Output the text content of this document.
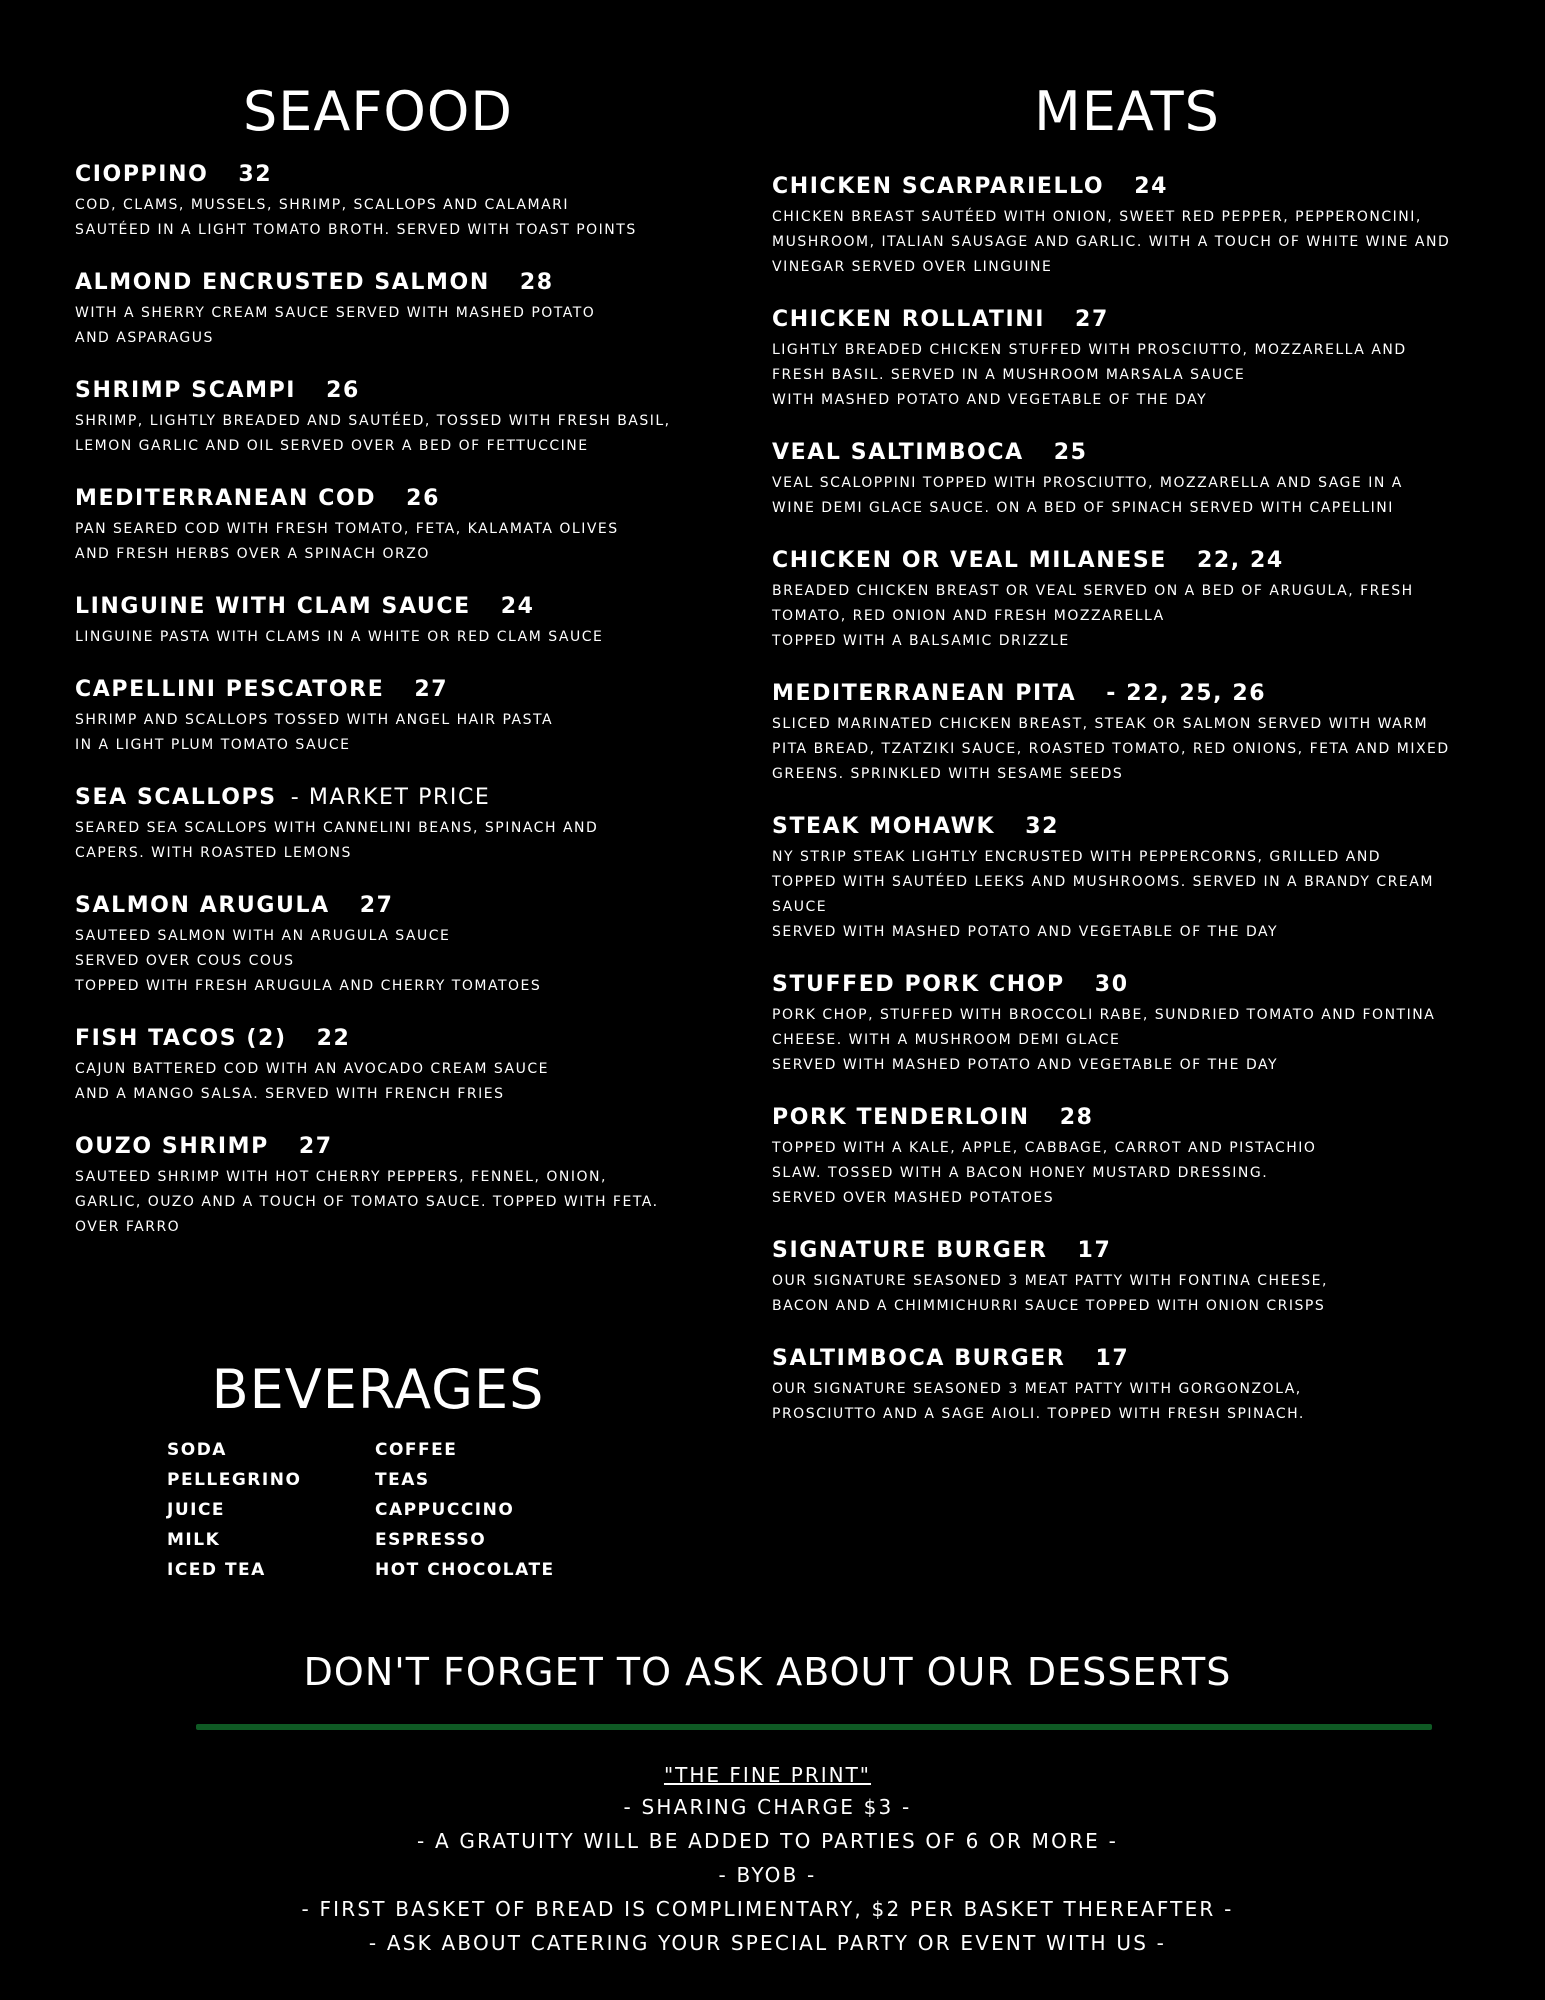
SEAFOOD
CIOPPINO 32
COD, CLAMS, MUSSELS, SHRIMP, SCALLOPS AND CALAMARI
SAUTÉED IN A LIGHT TOMATO BROTH. SERVED WITH TOAST POINTS
ALMOND ENCRUSTED SALMON 28
WITH A SHERRY CREAM SAUCE SERVED WITH MASHED POTATO
AND ASPARAGUS
SHRIMP SCAMPI 26
SHRIMP, LIGHTLY BREADED AND SAUTÉED, TOSSED WITH FRESH BASIL,
LEMON GARLIC AND OIL SERVED OVER A BED OF FETTUCCINE
MEDITERRANEAN COD 26
PAN SEARED COD WITH FRESH TOMATO, FETA, KALAMATA OLIVES
AND FRESH HERBS OVER A SPINACH ORZO
LINGUINE WITH CLAM SAUCE 24
LINGUINE PASTA WITH CLAMS IN A WHITE OR RED CLAM SAUCE
CAPELLINI PESCATORE 27
SHRIMP AND SCALLOPS TOSSED WITH ANGEL HAIR PASTA
IN A LIGHT PLUM TOMATO SAUCE
SEA SCALLOPS - MARKET PRICE
SEARED SEA SCALLOPS WITH CANNELINI BEANS, SPINACH AND
CAPERS. WITH ROASTED LEMONS
SALMON ARUGULA 27
SAUTEED SALMON WITH AN ARUGULA SAUCE
SERVED OVER COUS COUS
TOPPED WITH FRESH ARUGULA AND CHERRY TOMATOES
FISH TACOS (2) 22
CAJUN BATTERED COD WITH AN AVOCADO CREAM SAUCE
AND A MANGO SALSA. SERVED WITH FRENCH FRIES
OUZO SHRIMP 27
SAUTEED SHRIMP WITH HOT CHERRY PEPPERS, FENNEL, ONION,
GARLIC, OUZO AND A TOUCH OF TOMATO SAUCE. TOPPED WITH FETA.
OVER FARRO
MEATS
CHICKEN SCARPARIELLO 24
CHICKEN BREAST SAUTÉED WITH ONION, SWEET RED PEPPER, PEPPERONCINI,
MUSHROOM, ITALIAN SAUSAGE AND GARLIC. WITH A TOUCH OF WHITE WINE AND
VINEGAR SERVED OVER LINGUINE
CHICKEN ROLLATINI 27
LIGHTLY BREADED CHICKEN STUFFED WITH PROSCIUTTO, MOZZARELLA AND
FRESH BASIL. SERVED IN A MUSHROOM MARSALA SAUCE
WITH MASHED POTATO AND VEGETABLE OF THE DAY
VEAL SALTIMBOCA 25
VEAL SCALOPPINI TOPPED WITH PROSCIUTTO, MOZZARELLA AND SAGE IN A
WINE DEMI GLACE SAUCE. ON A BED OF SPINACH SERVED WITH CAPELLINI
CHICKEN OR VEAL MILANESE 22, 24
BREADED CHICKEN BREAST OR VEAL SERVED ON A BED OF ARUGULA, FRESH
TOMATO, RED ONION AND FRESH MOZZARELLA
TOPPED WITH A BALSAMIC DRIZZLE
MEDITERRANEAN PITA - 22, 25, 26
SLICED MARINATED CHICKEN BREAST, STEAK OR SALMON SERVED WITH WARM
PITA BREAD, TZATZIKI SAUCE, ROASTED TOMATO, RED ONIONS, FETA AND MIXED
GREENS. SPRINKLED WITH SESAME SEEDS
STEAK MOHAWK 32
NY STRIP STEAK LIGHTLY ENCRUSTED WITH PEPPERCORNS, GRILLED AND
TOPPED WITH SAUTÉED LEEKS AND MUSHROOMS. SERVED IN A BRANDY CREAM
SAUCE
SERVED WITH MASHED POTATO AND VEGETABLE OF THE DAY
STUFFED PORK CHOP 30
PORK CHOP, STUFFED WITH BROCCOLI RABE, SUNDRIED TOMATO AND FONTINA
CHEESE. WITH A MUSHROOM DEMI GLACE
SERVED WITH MASHED POTATO AND VEGETABLE OF THE DAY
PORK TENDERLOIN 28
TOPPED WITH A KALE, APPLE, CABBAGE, CARROT AND PISTACHIO
SLAW. TOSSED WITH A BACON HONEY MUSTARD DRESSING.
SERVED OVER MASHED POTATOES
SIGNATURE BURGER 17
OUR SIGNATURE SEASONED 3 MEAT PATTY WITH FONTINA CHEESE,
BACON AND A CHIMMICHURRI SAUCE TOPPED WITH ONION CRISPS
SALTIMBOCA BURGER 17
OUR SIGNATURE SEASONED 3 MEAT PATTY WITH GORGONZOLA,
PROSCIUTTO AND A SAGE AIOLI. TOPPED WITH FRESH SPINACH.
BEVERAGES
SODA
PELLEGRINO
JUICE
MILK
ICED TEA
COFFEE
TEAS
CAPPUCCINO
ESPRESSO
HOT CHOCOLATE
DON'T FORGET TO ASK ABOUT OUR DESSERTS
"THE FINE PRINT"
- SHARING CHARGE $3 -
- A GRATUITY WILL BE ADDED TO PARTIES OF 6 OR MORE -
- BYOB -
- FIRST BASKET OF BREAD IS COMPLIMENTARY, $2 PER BASKET THEREAFTER -
- ASK ABOUT CATERING YOUR SPECIAL PARTY OR EVENT WITH US -
